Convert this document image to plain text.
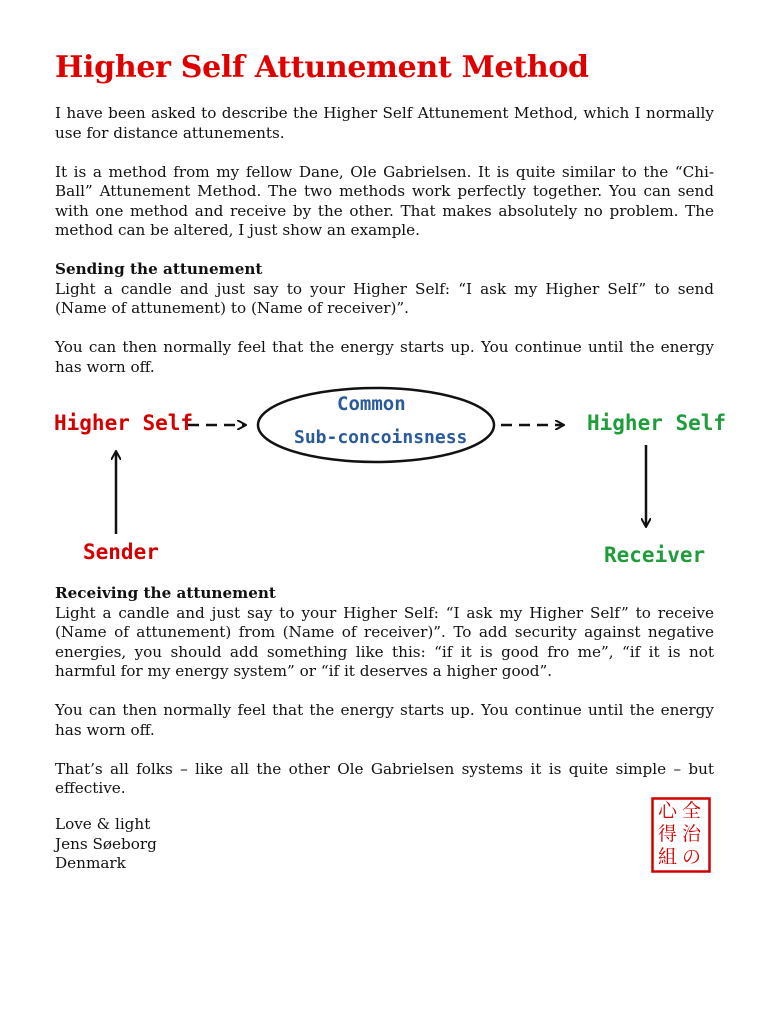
Higher Self Attunement Method

I have been asked to describe the Higher Self Attunement Method, which I normally use for distance attunements.

It is a method from my fellow Dane, Ole Gabrielsen. It is quite similar to the “Chi-Ball” Attunement Method. The two methods work perfectly together. You can send with one method and receive by the other. That makes absolutely no problem. The method can be altered, I just show an example.

Sending the attunement

Light a candle and just say to your Higher Self: “I ask my Higher Self” to send (Name of attunement) to (Name of receiver)”.

You can then normally feel that the energy starts up. You continue until the energy has worn off.

Higher Self
Common
Sub-concoinsness
Higher Self
Sender	Receiver

Receiving the attunement

Light a candle and just say to your Higher Self: “I ask my Higher Self” to receive (Name of attunement) from (Name of receiver)”. To add security against negative energies, you should add something like this: “if it is good fro me”, “if it is not harmful for my energy system” or “if it deserves a higher good”.

You can then normally feel that the energy starts up. You continue until the energy has worn off.

That’s all folks – like all the other Ole Gabrielsen systems it is quite simple – but effective.

Love & light

Jens Søeborg

Denmark

全
治
の
心
得
組
